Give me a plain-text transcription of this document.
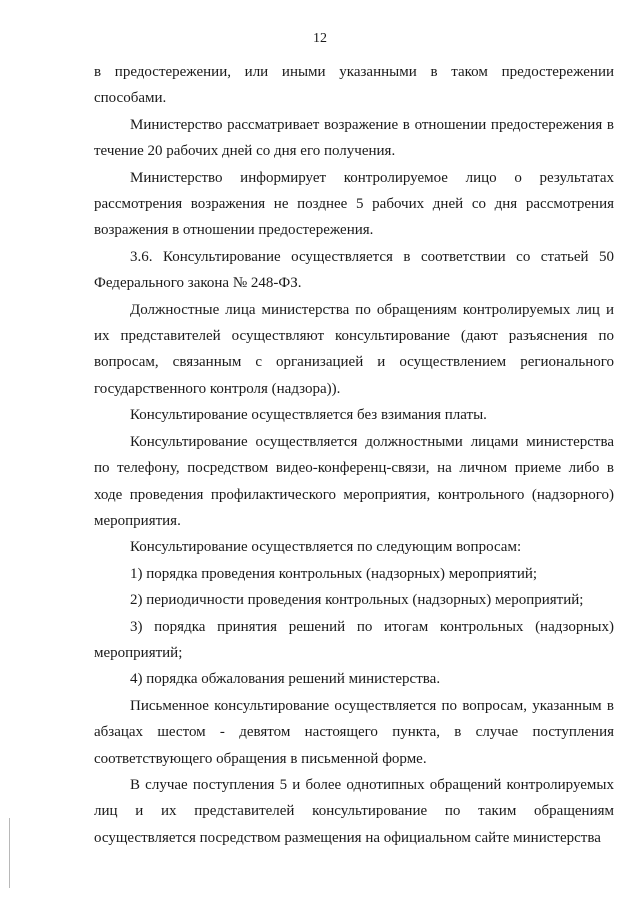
12

в предостережении, или иными указанными в таком предостережении способами.

Министерство рассматривает возражение в отношении предостережения в течение 20 рабочих дней со дня его получения.

Министерство информирует контролируемое лицо о результатах рассмотрения возражения не позднее 5 рабочих дней со дня рассмотрения возражения в отношении предостережения.

3.6. Консультирование осуществляется в соответствии со статьей 50 Федерального закона № 248-ФЗ.

Должностные лица министерства по обращениям контролируемых лиц и их представителей осуществляют консультирование (дают разъяснения по вопросам, связанным с организацией и осуществлением регионального государственного контроля (надзора)).

Консультирование осуществляется без взимания платы.

Консультирование осуществляется должностными лицами министерства по телефону, посредством видео-конференц-связи, на личном приеме либо в ходе проведения профилактического мероприятия, контрольного (надзорного) мероприятия.

Консультирование осуществляется по следующим вопросам:

1) порядка проведения контрольных (надзорных) мероприятий;

2) периодичности проведения контрольных (надзорных) мероприятий;

3) порядка принятия решений по итогам контрольных (надзорных) мероприятий;

4) порядка обжалования решений министерства.

Письменное консультирование осуществляется по вопросам, указанным в абзацах шестом - девятом настоящего пункта, в случае поступления соответствующего обращения в письменной форме.

В случае поступления 5 и более однотипных обращений контролируемых лиц и их представителей консультирование по таким обращениям осуществляется посредством размещения на официальном сайте министерства
